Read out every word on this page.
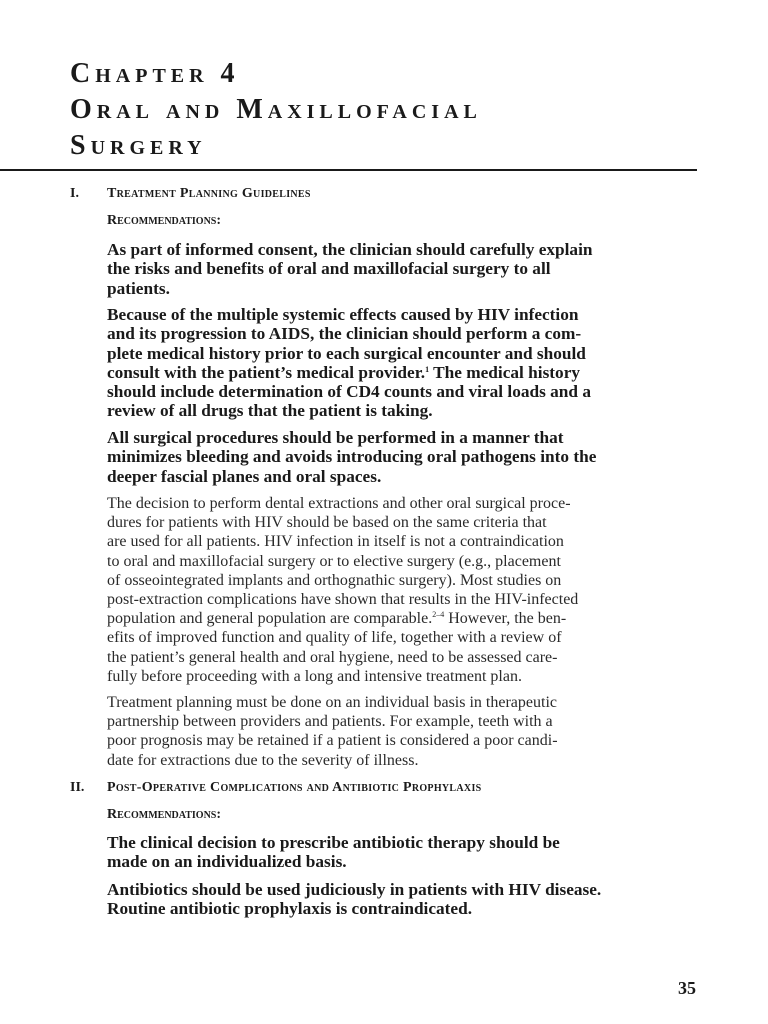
Chapter 4
Oral and Maxillofacial
Surgery
I. Treatment Planning Guidelines
Recommendations:
As part of informed consent, the clinician should carefully explain
the risks and benefits of oral and maxillofacial surgery to all
patients.
Because of the multiple systemic effects caused by HIV infection
and its progression to AIDS, the clinician should perform a com-
plete medical history prior to each surgical encounter and should
consult with the patient’s medical provider.$^1$ The medical history
should include determination of CD4 counts and viral loads and a
review of all drugs that the patient is taking.
All surgical procedures should be performed in a manner that
minimizes bleeding and avoids introducing oral pathogens into the
deeper fascial planes and oral spaces.
The decision to perform dental extractions and other oral surgical proce-
dures for patients with HIV should be based on the same criteria that
are used for all patients. HIV infection in itself is not a contraindication
to oral and maxillofacial surgery or to elective surgery (e.g., placement
of osseointegrated implants and orthognathic surgery). Most studies on
post-extraction complications have shown that results in the HIV-infected
population and general population are comparable.$^{2-4}$ However, the ben-
efits of improved function and quality of life, together with a review of
the patient’s general health and oral hygiene, need to be assessed care-
fully before proceeding with a long and intensive treatment plan.
Treatment planning must be done on an individual basis in therapeutic
partnership between providers and patients. For example, teeth with a
poor prognosis may be retained if a patient is considered a poor candi-
date for extractions due to the severity of illness.
II. Post-Operative Complications and Antibiotic Prophylaxis
Recommendations:
The clinical decision to prescribe antibiotic therapy should be
made on an individualized basis.
Antibiotics should be used judiciously in patients with HIV disease.
Routine antibiotic prophylaxis is contraindicated.
35
